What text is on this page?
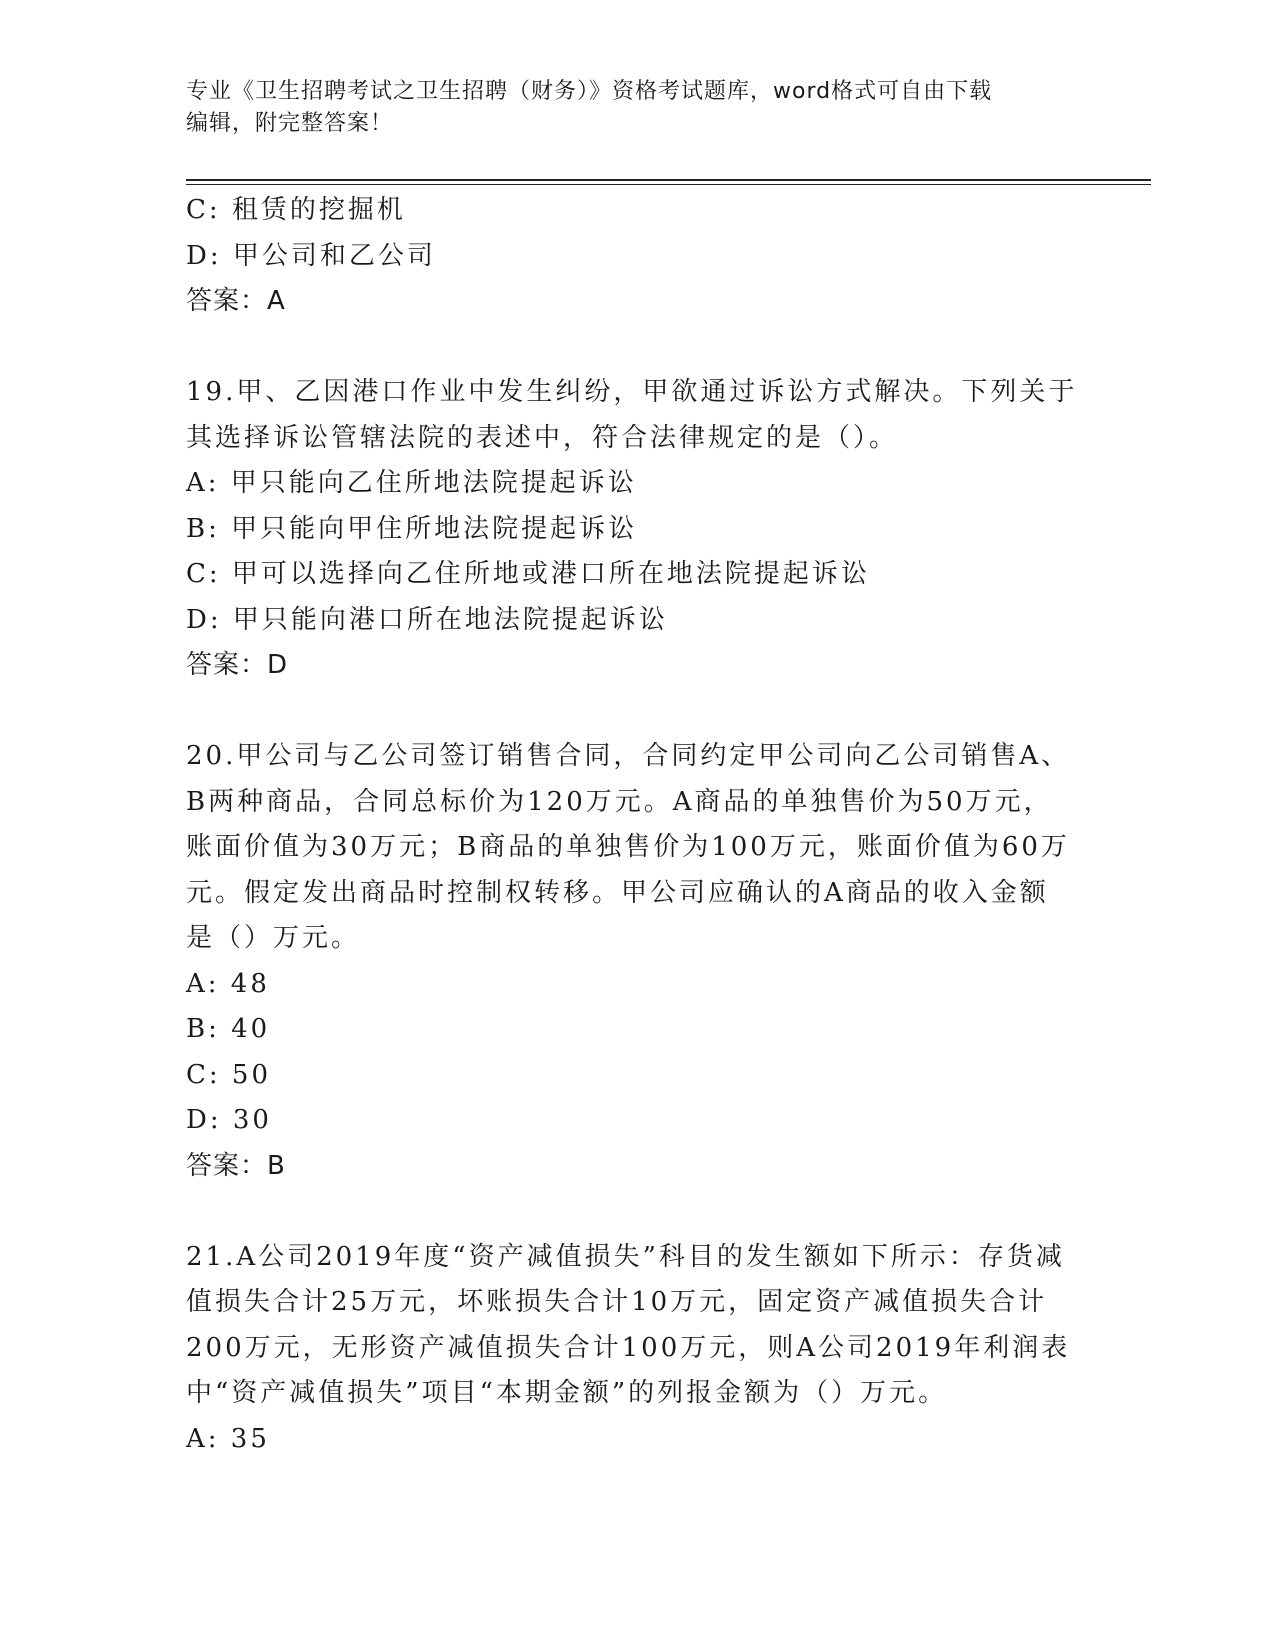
专业《卫生招聘考试之卫生招聘（财务）》资格考试题库，word格式可自由下载
编辑，附完整答案！
C: 租赁的挖掘机
D: 甲公司和乙公司
答案：A
19.甲、乙因港口作业中发生纠纷，甲欲通过诉讼方式解决。下列关于
其选择诉讼管辖法院的表述中，符合法律规定的是（）。
A: 甲只能向乙住所地法院提起诉讼
B: 甲只能向甲住所地法院提起诉讼
C: 甲可以选择向乙住所地或港口所在地法院提起诉讼
D: 甲只能向港口所在地法院提起诉讼
答案：D
20.甲公司与乙公司签订销售合同，合同约定甲公司向乙公司销售A、
B两种商品，合同总标价为120万元。A商品的单独售价为50万元，
账面价值为30万元；B商品的单独售价为100万元，账面价值为60万
元。假定发出商品时控制权转移。甲公司应确认的A商品的收入金额
是（）万元。
A: 48
B: 40
C: 50
D: 30
答案：B
21.A公司2019年度“资产减值损失”科目的发生额如下所示：存货减
值损失合计25万元，坏账损失合计10万元，固定资产减值损失合计
200万元，无形资产减值损失合计100万元，则A公司2019年利润表
中“资产减值损失”项目“本期金额”的列报金额为（）万元。
A: 35
